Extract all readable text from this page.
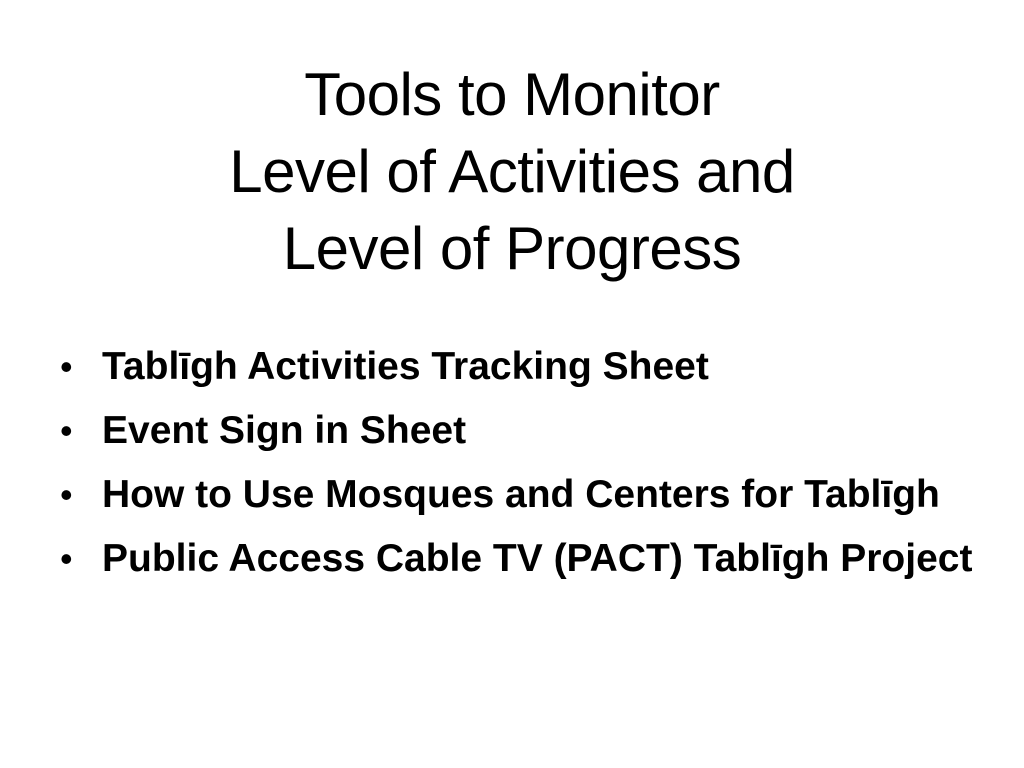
Tools to Monitor
Level of Activities and
Level of Progress
• Tablīgh Activities Tracking Sheet
• Event Sign in Sheet
• How to Use Mosques and Centers for Tablīgh
• Public Access Cable TV (PACT) Tablīgh Project
